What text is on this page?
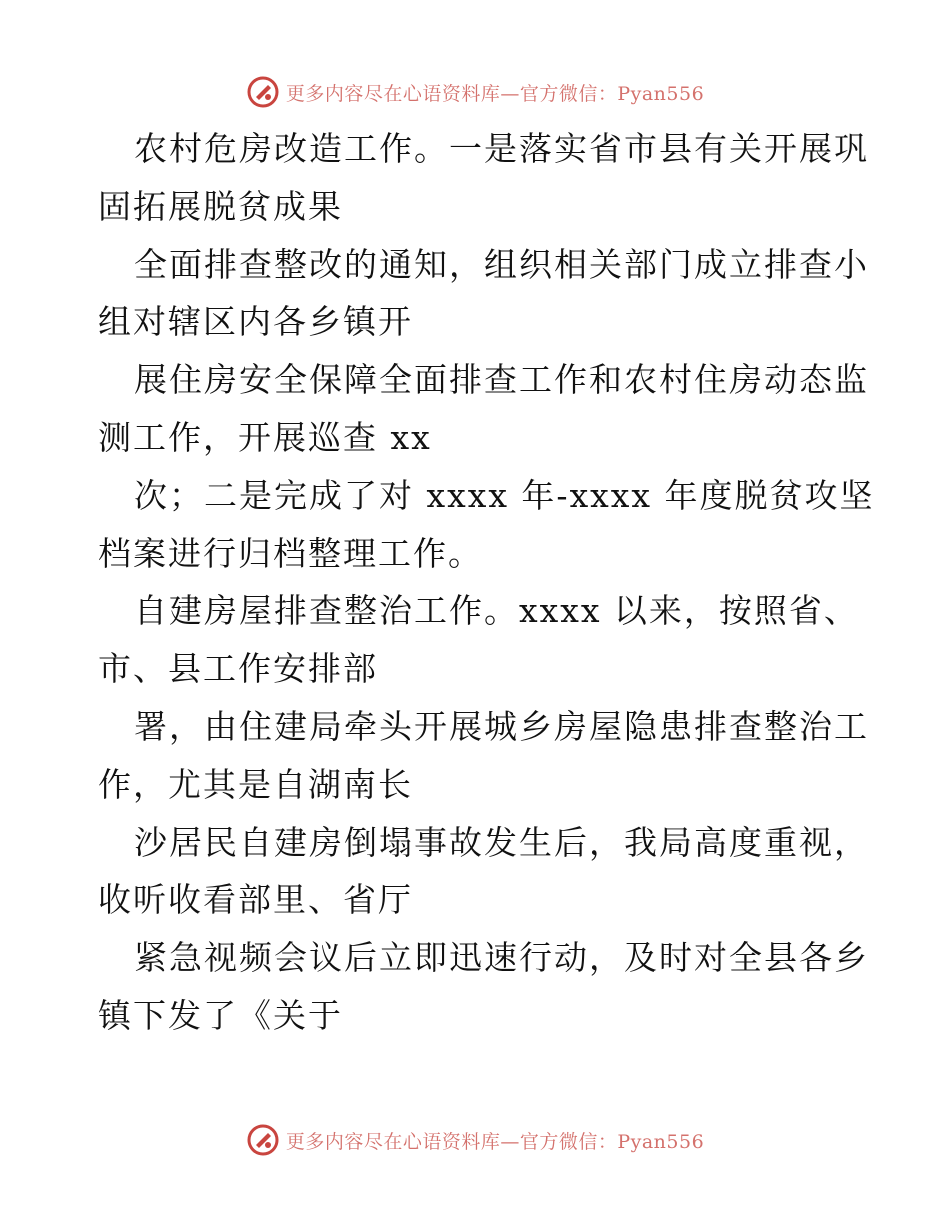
更多内容尽在心语资料库—官方微信：Pyan556
农村危房改造工作。一是落实省市县有关开展巩
固拓展脱贫成果
全面排查整改的通知，组织相关部门成立排查小
组对辖区内各乡镇开
展住房安全保障全面排查工作和农村住房动态监
测工作，开展巡查 xx
次；二是完成了对 xxxx 年-xxxx 年度脱贫攻坚
档案进行归档整理工作。
自建房屋排查整治工作。xxxx 以来，按照省、
市、县工作安排部
署，由住建局牵头开展城乡房屋隐患排查整治工
作，尤其是自湖南长
沙居民自建房倒塌事故发生后，我局高度重视，
收听收看部里、省厅
紧急视频会议后立即迅速行动，及时对全县各乡
镇下发了《关于
更多内容尽在心语资料库—官方微信：Pyan556
